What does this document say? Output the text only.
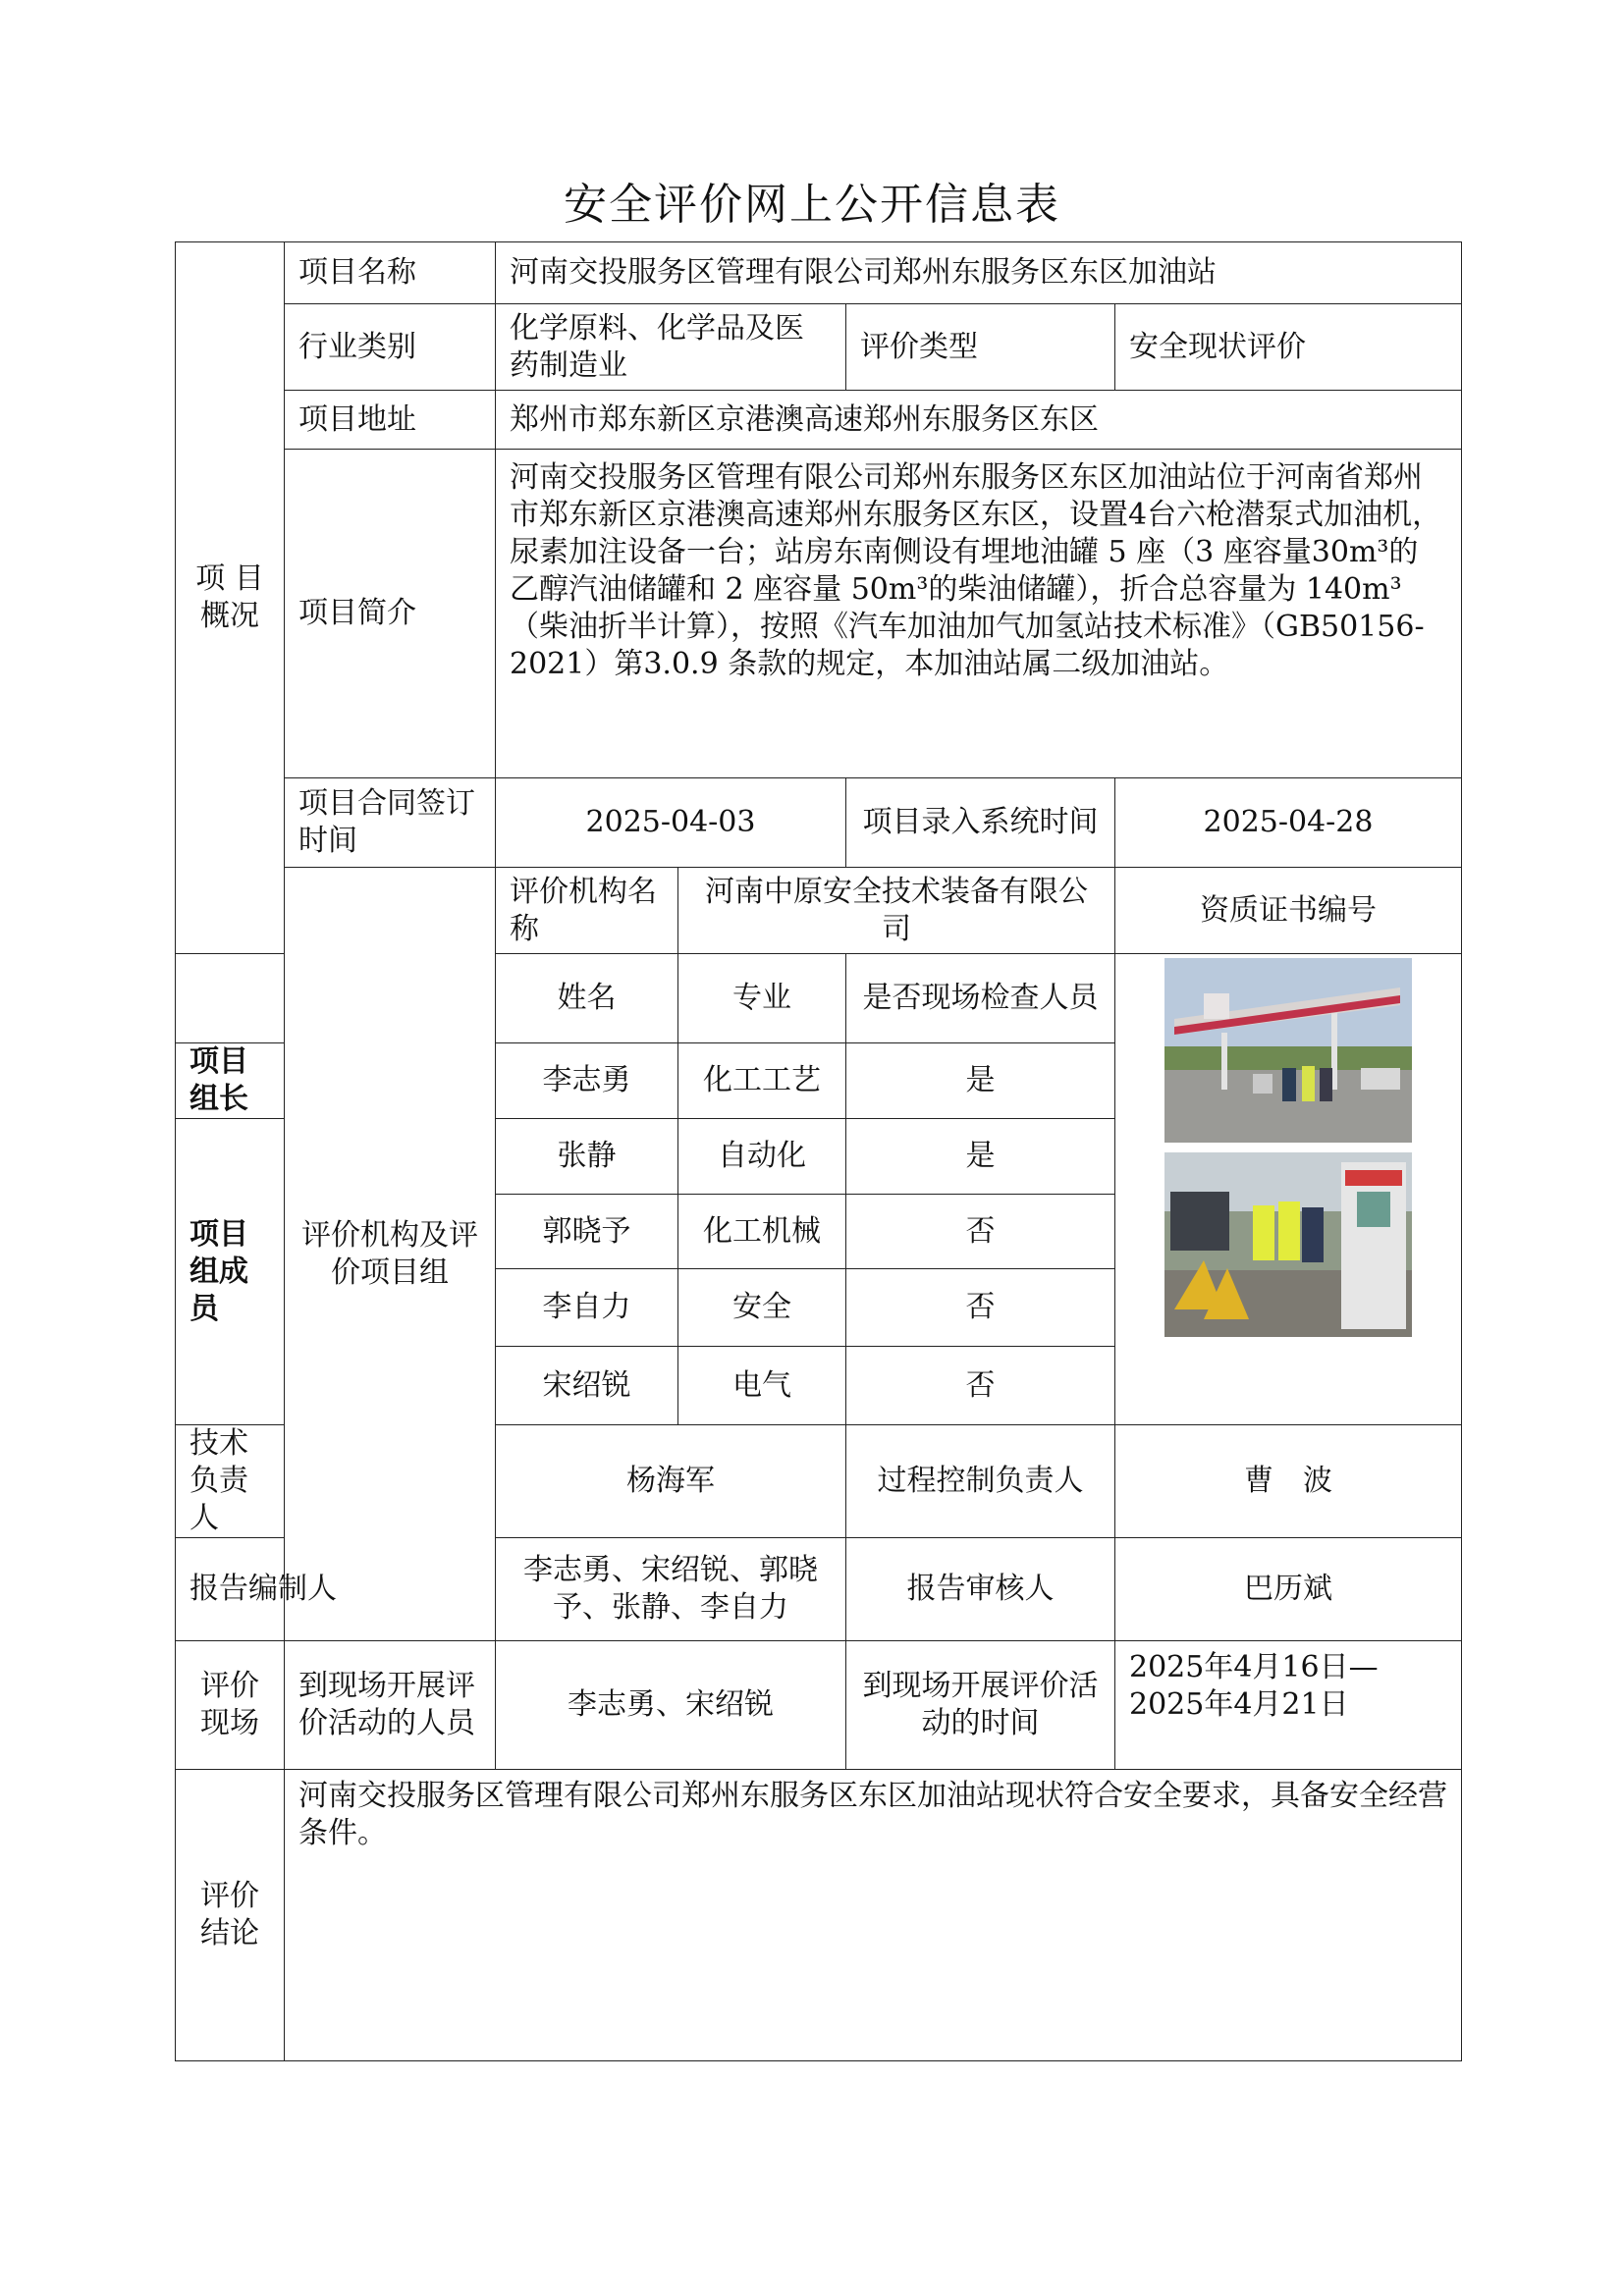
安全评价网上公开信息表
项 目
概况	项目名称	河南交投服务区管理有限公司郑州东服务区东区加油站				
	行业类别	化学原料、化学品及医药制造业		评价类型	安全现状评价	
	项目地址	郑州市郑东新区京港澳高速郑州东服务区东区				
	项目简介	河南交投服务区管理有限公司郑州东服务区东区加油站位于河南省郑州市郑东新区京港澳高速郑州东服务区东区，设置4台六枪潜泵式加油机，尿素加注设备一台；站房东南侧设有埋地油罐 5 座（3 座容量30m³的乙醇汽油储罐和 2 座容量 50m³的柴油储罐），折合总容量为 140m³（柴油折半计算），按照《汽车加油加气加氢站技术标准》（GB50156-2021）第3.0.9 条款的规定，本加油站属二级加油站。				
	项目合同签订时间	2025-04-03		项目录入系统时间	2025-04-28	
	评价机构及评价项目组	评价机构名称	河南中原安全技术装备有限公司		资质证书编号	
		姓名	专业	是否现场检查人员	

项目组长		李志勇	化工工艺	是		
项目组成员		张静	自动化	是		
		郭晓予	化工机械	否		
		李自力	安全	否		
		宋绍锐	电气	否		
技术负责人		杨海军		过程控制负责人	曹　波	
报告编制人		李志勇、宋绍锐、郭晓予、张静、李自力		报告审核人	巴历斌	
评价现场	到现场开展评价活动的人员	李志勇、宋绍锐		到现场开展评价活动的时间	2025年4月16日—2025年4月21日	
评价结论	河南交投服务区管理有限公司郑州东服务区东区加油站现状符合安全要求，具备安全经营条件。					
